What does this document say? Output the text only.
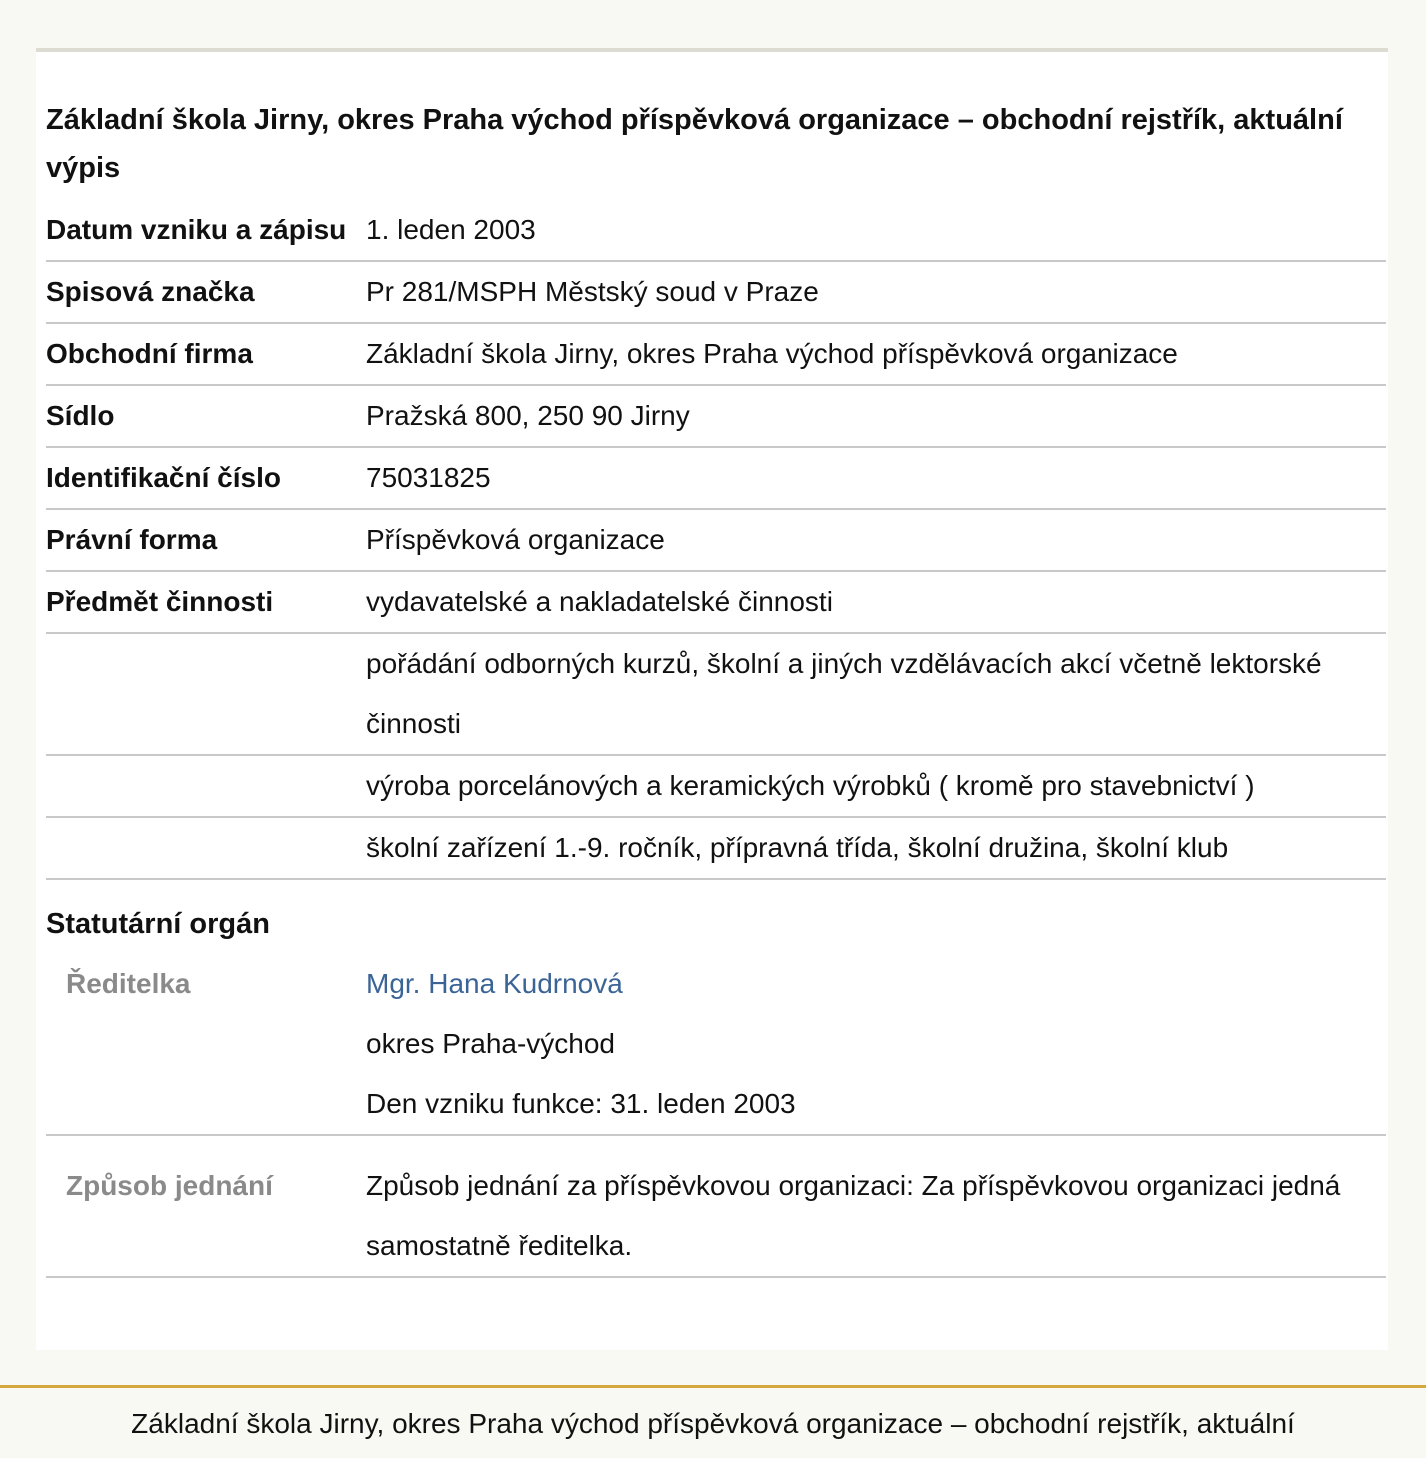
Základní škola Jirny, okres Praha východ příspěvková organizace – obchodní rejstřík, aktuální výpis
Datum vzniku a zápisu	1. leden 2003
Spisová značka	Pr 281/MSPH Městský soud v Praze
Obchodní firma	Základní škola Jirny, okres Praha východ příspěvková organizace
Sídlo	Pražská 800, 250 90 Jirny
Identifikační číslo	75031825
Právní forma	Příspěvková organizace
Předmět činnosti	vydavatelské a nakladatelské činnosti
	pořádání odborných kurzů, školní a jiných vzdělávacích akcí včetně lektorské činnosti
	výroba porcelánových a keramických výrobků ( kromě pro stavebnictví )
	školní zařízení 1.-9. ročník, přípravná třída, školní družina, školní klub
Statutární orgán	
Ředitelka	Mgr. Hana Kudrnová
okres Praha-východ
Den vzniku funkce: 31. leden 2003

Způsob jednání	Způsob jednání za příspěvkovou organizaci: Za příspěvkovou organizaci jedná samostatně ředitelka.
Základní škola Jirny, okres Praha východ příspěvková organizace – obchodní rejstřík, aktuální
